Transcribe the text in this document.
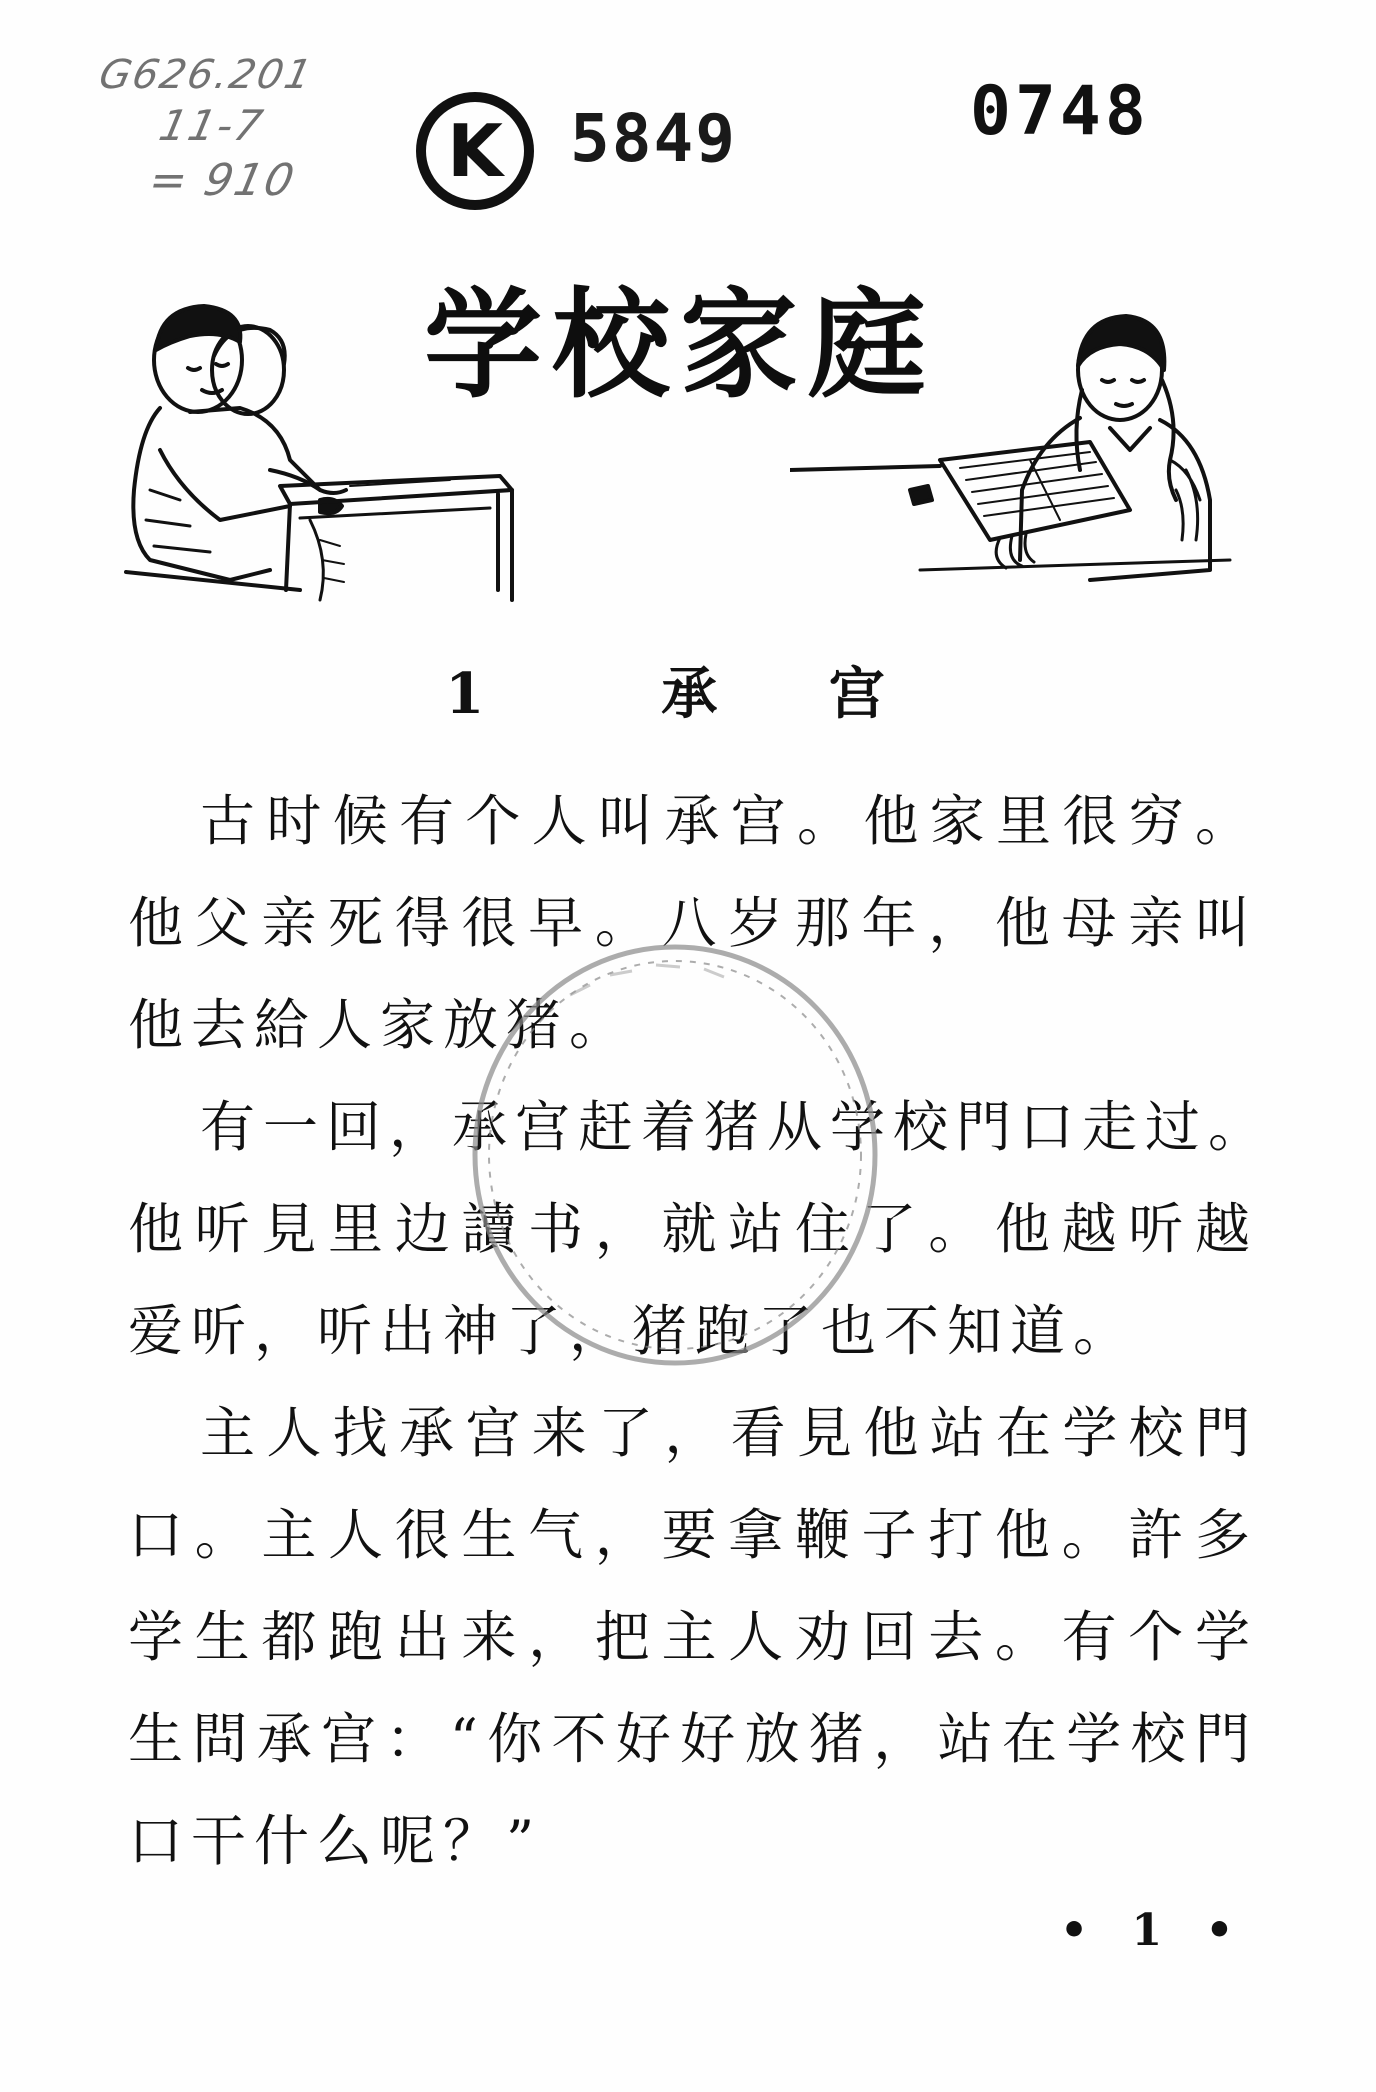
G626.201
11-7
= 910	K 5849	0748
学校家庭
1 承 宫

古时候有个人叫承宫。他家里很穷。
他父亲死得很早。八岁那年，他母亲叫
他去給人家放猪。

有一回，承宫赶着猪从学校門口走过。
他听見里边讀书，就站住了。他越听越
爱听，听出神了，猪跑了也不知道。

主人找承宫来了，看見他站在学校門
口。主人很生气，要拿鞭子打他。許多
学生都跑出来，把主人劝回去。有个学
生問承宫：“你不好好放猪，站在学校門
口干什么呢？”

• 1 •
